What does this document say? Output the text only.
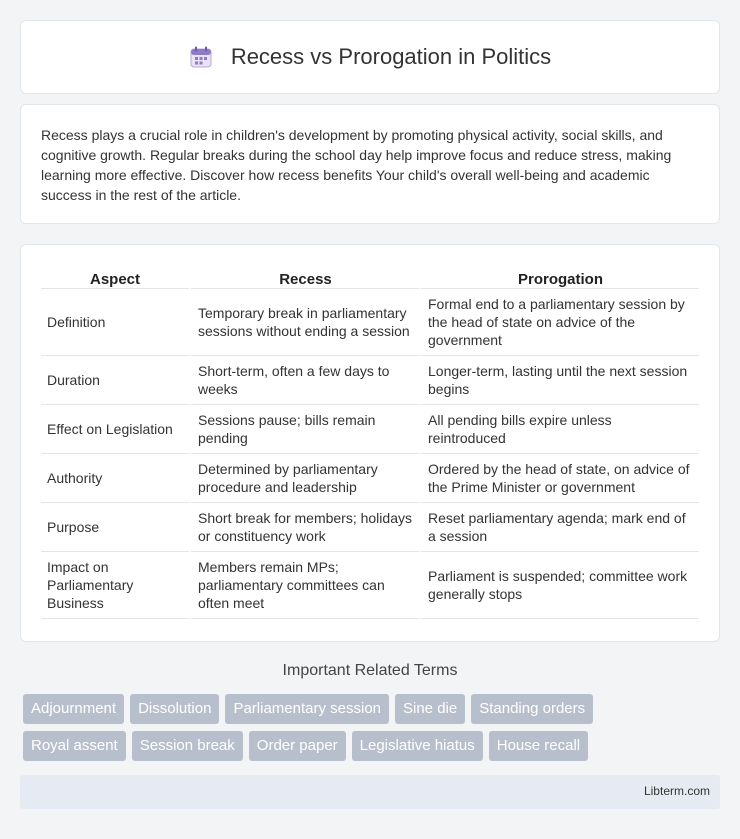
Recess vs Prorogation in Politics

Recess plays a crucial role in children's development by promoting physical activity, social skills, and cognitive growth. Regular breaks during the school day help improve focus and reduce stress, making learning more effective. Discover how recess benefits Your child's overall well-being and academic success in the rest of the article.

Aspect	Recess	Prorogation
Definition	Temporary break in parliamentary sessions without ending a session	Formal end to a parliamentary session by the head of state on advice of the government
Duration	Short-term, often a few days to weeks	Longer-term, lasting until the next session begins
Effect on Legislation	Sessions pause; bills remain pending	All pending bills expire unless reintroduced
Authority	Determined by parliamentary procedure and leadership	Ordered by the head of state, on advice of the Prime Minister or government
Purpose	Short break for members; holidays or constituency work	Reset parliamentary agenda; mark end of a session
Impact on Parliamentary Business	Members remain MPs; parliamentary committees can often meet	Parliament is suspended; committee work generally stops
Important Related Terms
Adjournment	Dissolution	Parliamentary session	Sine die	Standing orders
Royal assent	Session break	Order paper	Legislative hiatus	House recall
Libterm.com
